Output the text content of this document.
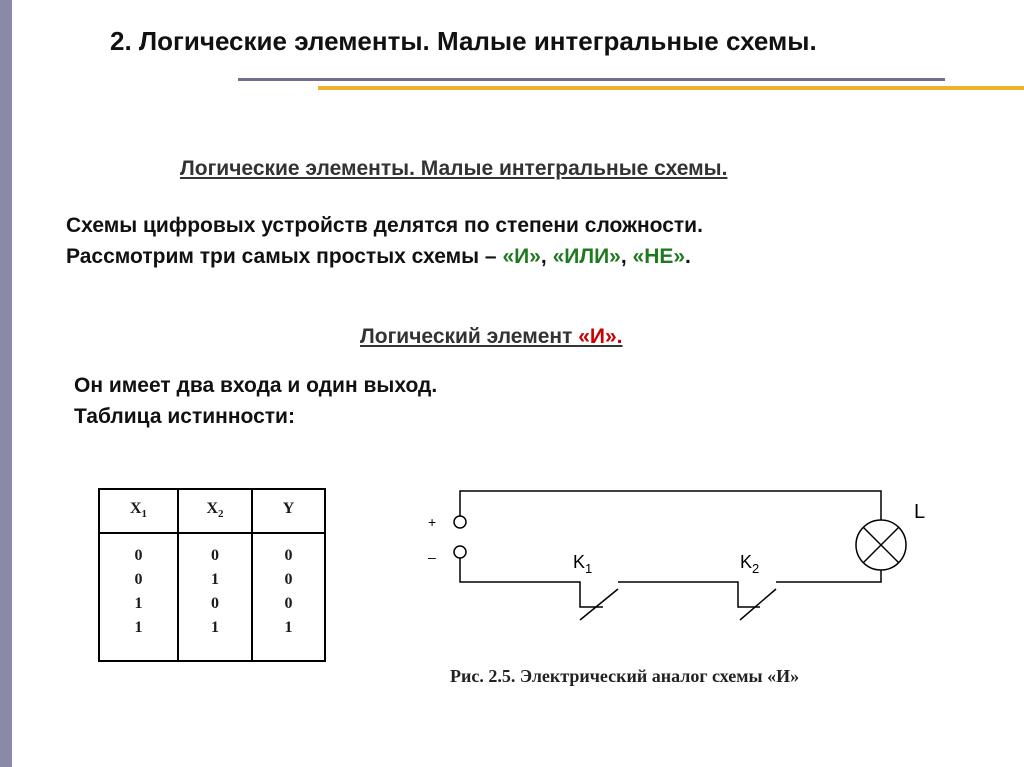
2. Логические элементы. Малые интегральные схемы.
Логические элементы. Малые интегральные схемы.
Схемы цифровых устройств делятся по степени сложности.
Рассмотрим три самых простых схемы – «И», «ИЛИ», «НЕ».
Логический элемент «И».
Он имеет два входа и один выход.
Таблица истинности:
$X_1$
0
0
1
1
$X_2$
0
1
0
1
Y
0
0
0
1
+
–
L
$K_1$	$K_2$
Рис. 2.5. Электрический аналог схемы «И»
